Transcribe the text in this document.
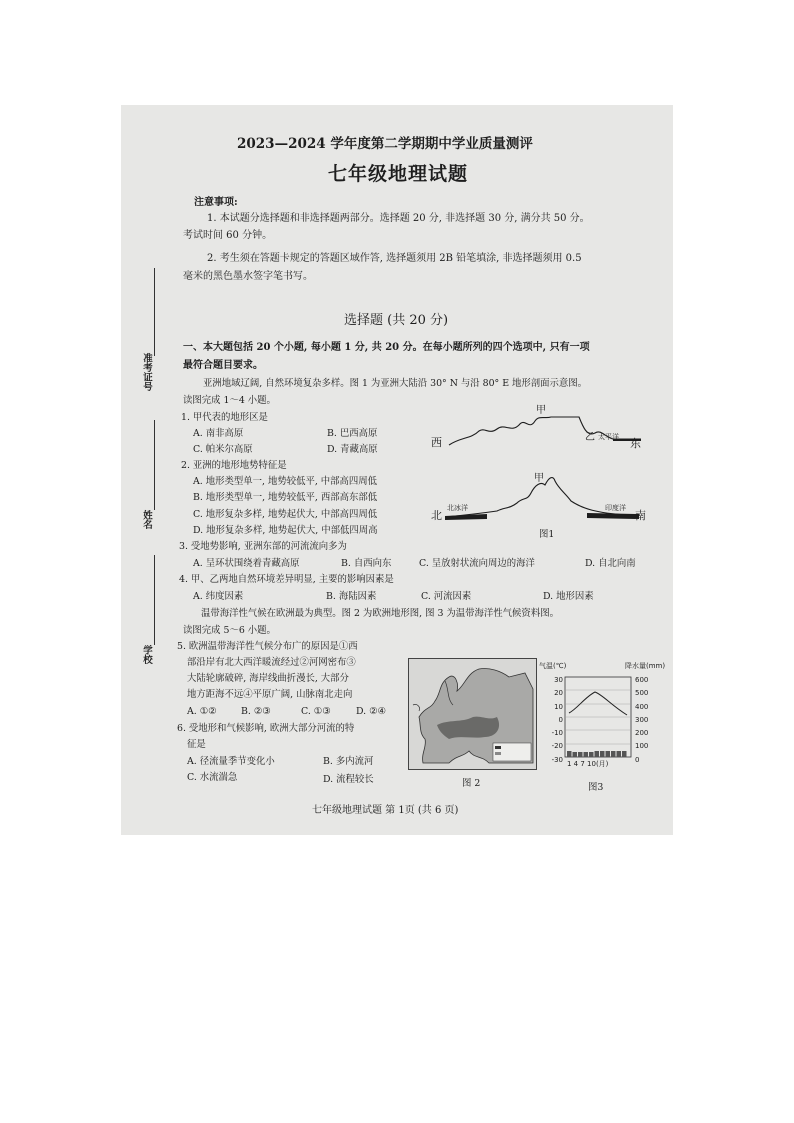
准考证号
姓名
学校
2023—2024 学年度第二学期期中学业质量测评
七年级地理试题
注意事项:
1. 本试题分选择题和非选择题两部分。选择题 20 分, 非选择题 30 分, 满分共 50 分。
考试时间 60 分钟。
2. 考生须在答题卡规定的答题区域作答, 选择题须用 2B 铅笔填涂, 非选择题须用 0.5
毫米的黑色墨水签字笔书写。
选择题 (共 20 分)
一、本大题包括 20 个小题, 每小题 1 分, 共 20 分。在每小题所列的四个选项中, 只有一项
最符合题目要求。
亚洲地域辽阔, 自然环境复杂多样。图 1 为亚洲大陆沿 30° N 与沿 80° E 地形剖面示意图。
读图完成 1～4 小题。
1. 甲代表的地形区是
A. 南非高原	B. 巴西高原
C. 帕米尔高原	D. 青藏高原
2. 亚洲的地形地势特征是
A. 地形类型单一, 地势较低平, 中部高四周低
B. 地形类型单一, 地势较低平, 西部高东部低
C. 地形复杂多样, 地势起伏大, 中部高四周低
D. 地形复杂多样, 地势起伏大, 中部低四周高
3. 受地势影响, 亚洲东部的河流流向多为
A. 呈环状围绕着青藏高原	B. 自西向东	C. 呈放射状流向周边的海洋	D. 自北向南
4. 甲、乙两地自然环境差异明显, 主要的影响因素是
A. 纬度因素	B. 海陆因素	C. 河流因素	D. 地形因素
温带海洋性气候在欧洲最为典型。图 2 为欧洲地形图, 图 3 为温带海洋性气候资料图。
读图完成 5～6 小题。
5. 欧洲温带海洋性气候分布广的原因是①西
部沿岸有北大西洋暖流经过②河网密布③
大陆轮廓破碎, 海岸线曲折漫长, 大部分
地方距海不远④平原广阔, 山脉南北走向
A. ①②	B. ②③	C. ①③	D. ②④
6. 受地形和气候影响, 欧洲大部分河流的特
征是
A. 径流量季节变化小	B. 多内流河
C. 水流湍急	D. 流程较长
西	东
甲
乙 太平洋
北	南
甲
北冰洋	印度洋
图1
图 2
气温(℃)	降水量(mm)
30
20
10
0
-10
-20
-30
600
500
400
300
200
100
0
1 4 7 10(月)
图3
七年级地理试题 第 1页 (共 6 页)
